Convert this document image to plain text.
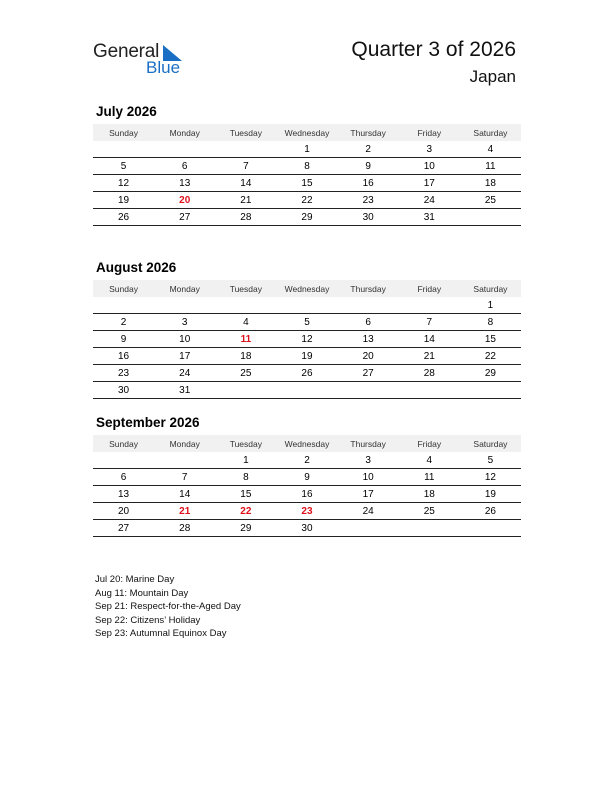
General
Blue
Quarter 3 of 2026
Japan
July 2026
Sunday	Monday	Tuesday	Wednesday	Thursday	Friday	Saturday
			1	2	3	4
5	6	7	8	9	10	11
12	13	14	15	16	17	18
19	20	21	22	23	24	25
26	27	28	29	30	31	
August 2026
Sunday	Monday	Tuesday	Wednesday	Thursday	Friday	Saturday
						1
2	3	4	5	6	7	8
9	10	11	12	13	14	15
16	17	18	19	20	21	22
23	24	25	26	27	28	29
30	31					
September 2026
Sunday	Monday	Tuesday	Wednesday	Thursday	Friday	Saturday
		1	2	3	4	5
6	7	8	9	10	11	12
13	14	15	16	17	18	19
20	21	22	23	24	25	26
27	28	29	30			
Jul 20: Marine Day
Aug 11: Mountain Day
Sep 21: Respect-for-the-Aged Day
Sep 22: Citizens’ Holiday
Sep 23: Autumnal Equinox Day
